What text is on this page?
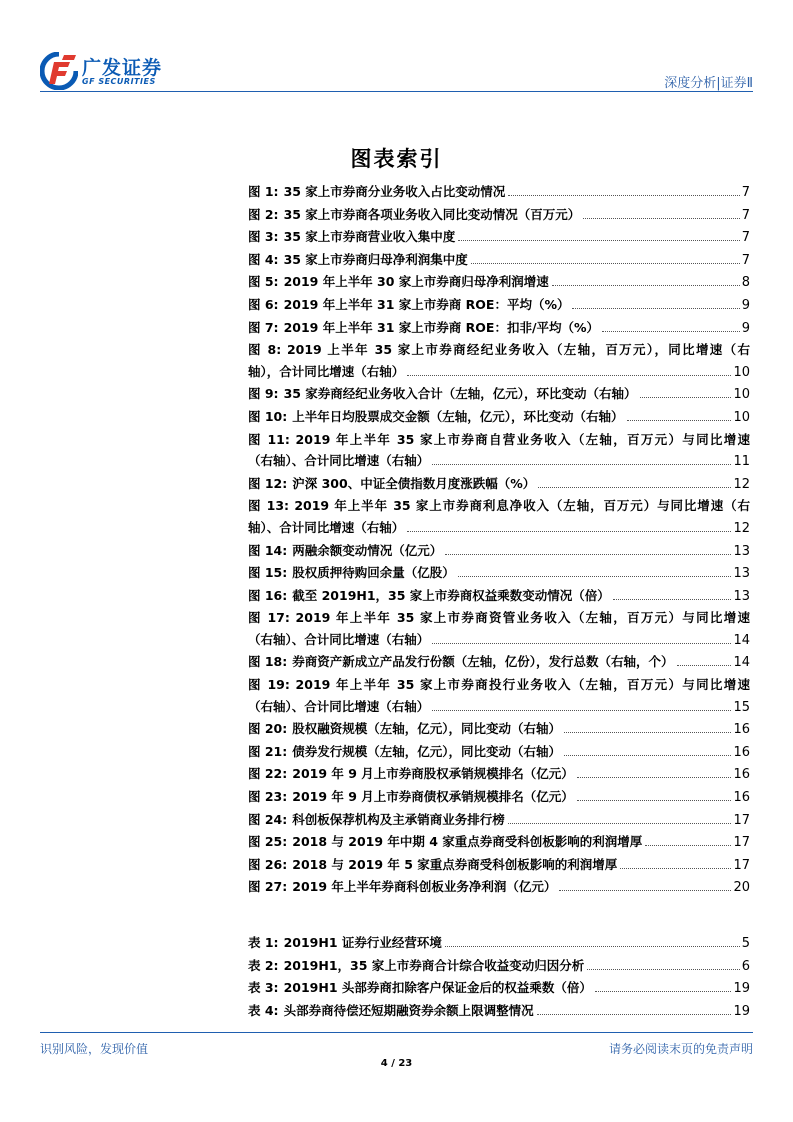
广发证券
GF SECURITIES	深度分析|证券Ⅱ
图表索引
图 1: 35 家上市券商分业务收入占比变动情况	7
图 2: 35 家上市券商各项业务收入同比变动情况（百万元）	7
图 3: 35 家上市券商营业收入集中度	7
图 4: 35 家上市券商归母净利润集中度	7
图 5: 2019 年上半年 30 家上市券商归母净利润增速	8
图 6: 2019 年上半年 31 家上市券商 ROE：平均（%）	9
图 7: 2019 年上半年 31 家上市券商 ROE：扣非/平均（%）	9
图 8: 2019 上半年 35 家上市券商经纪业务收入（左轴，百万元），同比增速（右
轴），合计同比增速（右轴）	10
图 9: 35 家券商经纪业务收入合计（左轴，亿元），环比变动（右轴）	10
图 10: 上半年日均股票成交金额（左轴，亿元），环比变动（右轴）	10
图 11: 2019 年上半年 35 家上市券商自营业务收入（左轴，百万元）与同比增速
（右轴）、合计同比增速（右轴）	11
图 12: 沪深 300、中证全债指数月度涨跌幅（%）	12
图 13: 2019 年上半年 35 家上市券商利息净收入（左轴，百万元）与同比增速（右
轴）、合计同比增速（右轴）	12
图 14: 两融余额变动情况（亿元）	13
图 15: 股权质押待购回余量（亿股）	13
图 16: 截至 2019H1，35 家上市券商权益乘数变动情况（倍）	13
图 17: 2019 年上半年 35 家上市券商资管业务收入（左轴，百万元）与同比增速
（右轴）、合计同比增速（右轴）	14
图 18: 券商资产新成立产品发行份额（左轴，亿份），发行总数（右轴，个）	14
图 19: 2019 年上半年 35 家上市券商投行业务收入（左轴，百万元）与同比增速
（右轴）、合计同比增速（右轴）	15
图 20: 股权融资规模（左轴，亿元），同比变动（右轴）	16
图 21: 债券发行规模（左轴，亿元），同比变动（右轴）	16
图 22: 2019 年 9 月上市券商股权承销规模排名（亿元）	16
图 23: 2019 年 9 月上市券商债权承销规模排名（亿元）	16
图 24: 科创板保荐机构及主承销商业务排行榜	17
图 25: 2018 与 2019 年中期 4 家重点券商受科创板影响的利润增厚	17
图 26: 2018 与 2019 年 5 家重点券商受科创板影响的利润增厚	17
图 27: 2019 年上半年券商科创板业务净利润（亿元）	20
表 1: 2019H1 证券行业经营环境	5
表 2: 2019H1，35 家上市券商合计综合收益变动归因分析	6
表 3: 2019H1 头部券商扣除客户保证金后的权益乘数（倍）	19
表 4: 头部券商待偿还短期融资券余额上限调整情况	19
识别风险，发现价值	请务必阅读末页的免责声明
4 / 23
